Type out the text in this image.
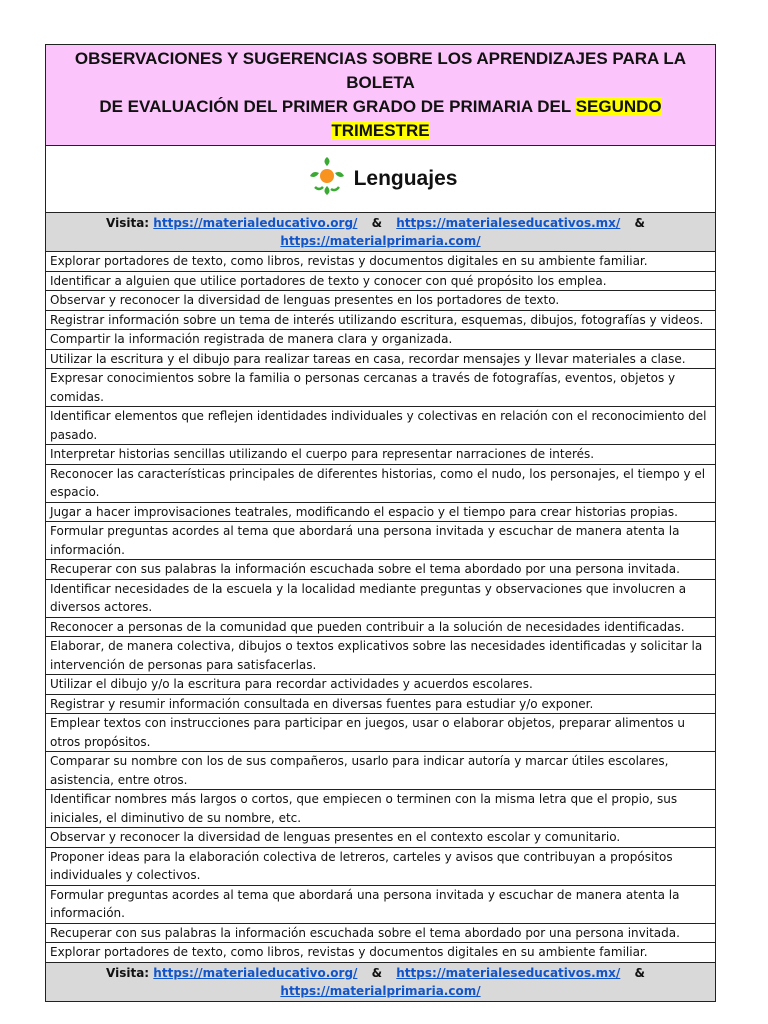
OBSERVACIONES Y SUGERENCIAS SOBRE LOS APRENDIZAJES PARA LA BOLETA
DE EVALUACIÓN DEL PRIMER GRADO DE PRIMARIA DEL SEGUNDO TRIMESTRE

Lenguajes

Visita: https://materialeducativo.org/ & https://materialeseducativos.mx/ &
https://materialprimaria.com/
Explorar portadores de texto, como libros, revistas y documentos digitales en su ambiente familiar.
Identificar a alguien que utilice portadores de texto y conocer con qué propósito los emplea.
Observar y reconocer la diversidad de lenguas presentes en los portadores de texto.
Registrar información sobre un tema de interés utilizando escritura, esquemas, dibujos, fotografías y videos.
Compartir la información registrada de manera clara y organizada.
Utilizar la escritura y el dibujo para realizar tareas en casa, recordar mensajes y llevar materiales a clase.
Expresar conocimientos sobre la familia o personas cercanas a través de fotografías, eventos, objetos y comidas.
Identificar elementos que reflejen identidades individuales y colectivas en relación con el reconocimiento del pasado.
Interpretar historias sencillas utilizando el cuerpo para representar narraciones de interés.
Reconocer las características principales de diferentes historias, como el nudo, los personajes, el tiempo y el espacio.
Jugar a hacer improvisaciones teatrales, modificando el espacio y el tiempo para crear historias propias.
Formular preguntas acordes al tema que abordará una persona invitada y escuchar de manera atenta la información.
Recuperar con sus palabras la información escuchada sobre el tema abordado por una persona invitada.
Identificar necesidades de la escuela y la localidad mediante preguntas y observaciones que involucren a diversos actores.
Reconocer a personas de la comunidad que pueden contribuir a la solución de necesidades identificadas.
Elaborar, de manera colectiva, dibujos o textos explicativos sobre las necesidades identificadas y solicitar la intervención de personas para satisfacerlas.
Utilizar el dibujo y/o la escritura para recordar actividades y acuerdos escolares.
Registrar y resumir información consultada en diversas fuentes para estudiar y/o exponer.
Emplear textos con instrucciones para participar en juegos, usar o elaborar objetos, preparar alimentos u otros propósitos.
Comparar su nombre con los de sus compañeros, usarlo para indicar autoría y marcar útiles escolares, asistencia, entre otros.
Identificar nombres más largos o cortos, que empiecen o terminen con la misma letra que el propio, sus iniciales, el diminutivo de su nombre, etc.
Observar y reconocer la diversidad de lenguas presentes en el contexto escolar y comunitario.
Proponer ideas para la elaboración colectiva de letreros, carteles y avisos que contribuyan a propósitos individuales y colectivos.
Formular preguntas acordes al tema que abordará una persona invitada y escuchar de manera atenta la información.
Recuperar con sus palabras la información escuchada sobre el tema abordado por una persona invitada.
Explorar portadores de texto, como libros, revistas y documentos digitales en su ambiente familiar.
Visita: https://materialeducativo.org/ & https://materialeseducativos.mx/ &
https://materialprimaria.com/
